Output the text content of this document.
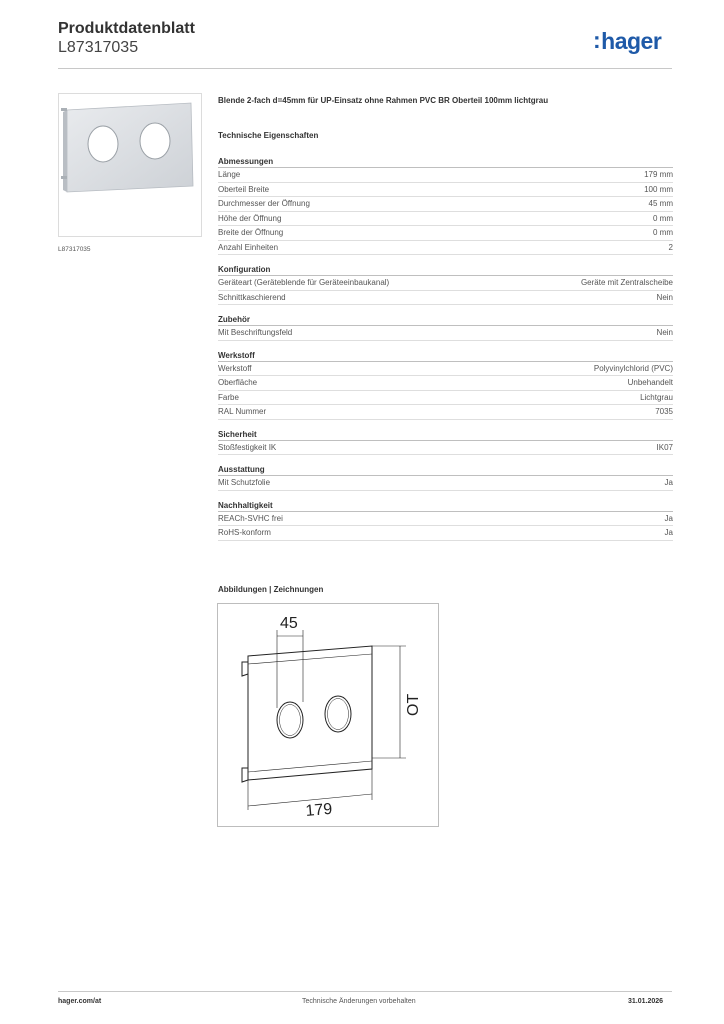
Produktdatenblatt
L87317035	:hager
L87317035
Blende 2-fach d=45mm für UP-Einsatz ohne Rahmen PVC BR Oberteil 100mm lichtgrau
Technische Eigenschaften
Abmessungen
Länge	179 mm
Oberteil Breite	100 mm
Durchmesser der Öffnung	45 mm
Höhe der Öffnung	0 mm
Breite der Öffnung	0 mm
Anzahl Einheiten	2
Konfiguration
Geräteart (Geräteblende für Geräteeinbaukanal)	Geräte mit Zentralscheibe
Schnittkaschierend	Nein
Zubehör
Mit Beschriftungsfeld	Nein
Werkstoff
Werkstoff	Polyvinylchlorid (PVC)
Oberfläche	Unbehandelt
Farbe	Lichtgrau
RAL Nummer	7035
Sicherheit
Stoßfestigkeit IK	IK07
Ausstattung
Mit Schutzfolie	Ja
Nachhaltigkeit
REACh-SVHC frei	Ja
RoHS-konform	Ja
Abbildungen | Zeichnungen
45
OT
179
hager.com/at	Technische Änderungen vorbehalten	31.01.2026
